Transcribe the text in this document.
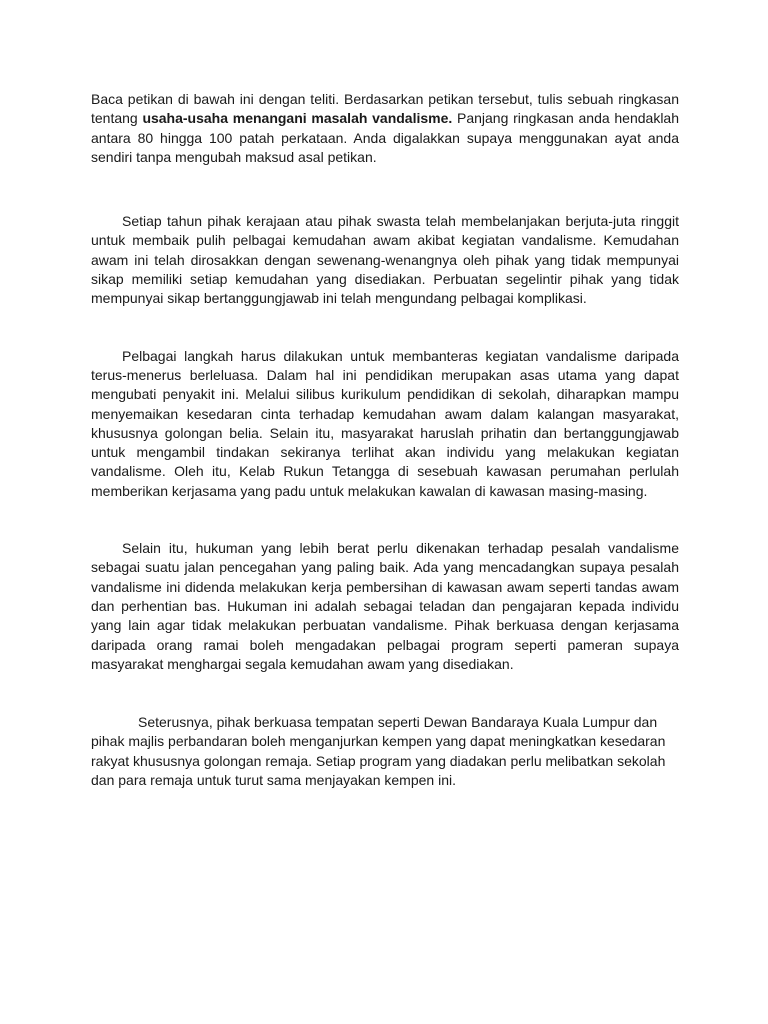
Baca petikan di bawah ini dengan teliti. Berdasarkan petikan tersebut, tulis sebuah ringkasan tentang usaha-usaha menangani masalah vandalisme. Panjang ringkasan anda hendaklah antara 80 hingga 100 patah perkataan. Anda digalakkan supaya menggunakan ayat anda sendiri tanpa mengubah maksud asal petikan.

Setiap tahun pihak kerajaan atau pihak swasta telah membelanjakan berjuta-juta ringgit untuk membaik pulih pelbagai kemudahan awam akibat kegiatan vandalisme. Kemudahan awam ini telah dirosakkan dengan sewenang-wenangnya oleh pihak yang tidak mempunyai sikap memiliki setiap kemudahan yang disediakan. Perbuatan segelintir pihak yang tidak mempunyai sikap bertanggungjawab ini telah mengundang pelbagai komplikasi.

Pelbagai langkah harus dilakukan untuk membanteras kegiatan vandalisme daripada terus-menerus berleluasa. Dalam hal ini pendidikan merupakan asas utama yang dapat mengubati penyakit ini. Melalui silibus kurikulum pendidikan di sekolah, diharapkan mampu menyemaikan kesedaran cinta terhadap kemudahan awam dalam kalangan masyarakat, khususnya golongan belia. Selain itu, masyarakat haruslah prihatin dan bertanggungjawab untuk mengambil tindakan sekiranya terlihat akan individu yang melakukan kegiatan vandalisme. Oleh itu, Kelab Rukun Tetangga di sesebuah kawasan perumahan perlulah memberikan kerjasama yang padu untuk melakukan kawalan di kawasan masing-masing.

Selain itu, hukuman yang lebih berat perlu dikenakan terhadap pesalah vandalisme sebagai suatu jalan pencegahan yang paling baik. Ada yang mencadangkan supaya pesalah vandalisme ini didenda melakukan kerja pembersihan di kawasan awam seperti tandas awam dan perhentian bas. Hukuman ini adalah sebagai teladan dan pengajaran kepada individu yang lain agar tidak melakukan perbuatan vandalisme. Pihak berkuasa dengan kerjasama daripada orang ramai boleh mengadakan pelbagai program seperti pameran supaya masyarakat menghargai segala kemudahan awam yang disediakan.

Seterusnya, pihak berkuasa tempatan seperti Dewan Bandaraya Kuala Lumpur dan pihak majlis perbandaran boleh menganjurkan kempen yang dapat meningkatkan kesedaran rakyat khususnya golongan remaja. Setiap program yang diadakan perlu melibatkan sekolah dan para remaja untuk turut sama menjayakan kempen ini.
